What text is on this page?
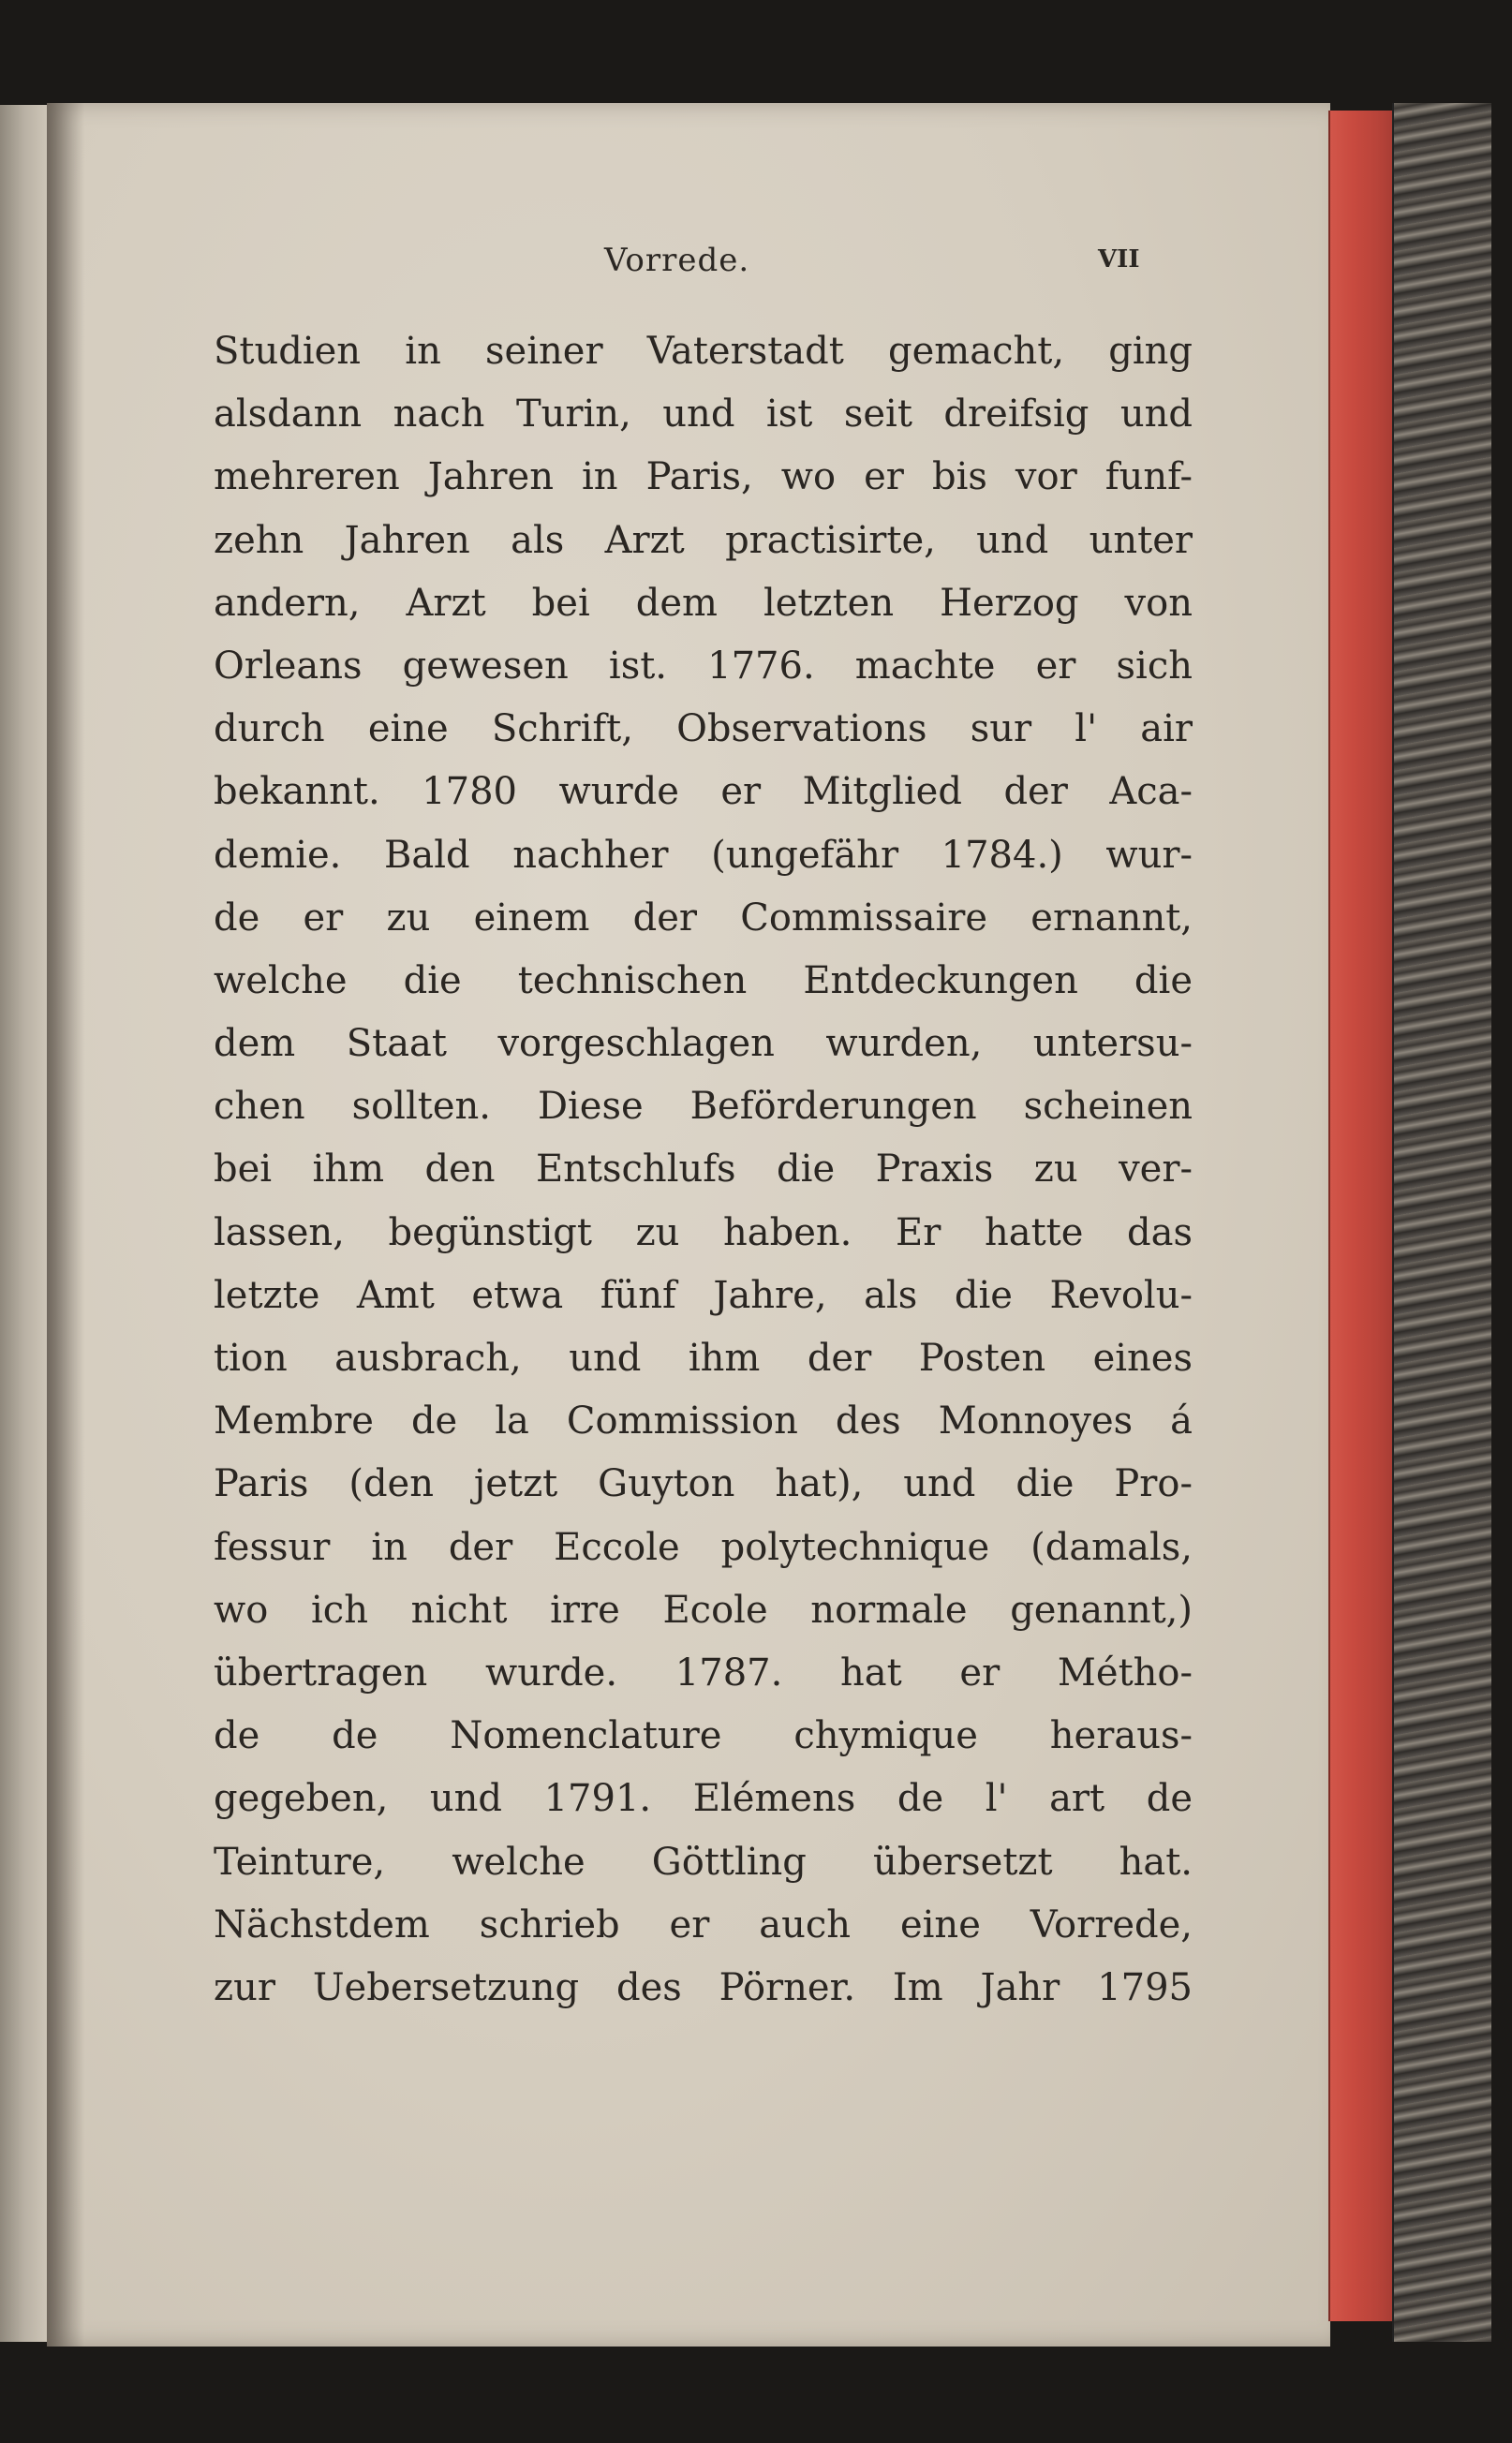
Vorrede.	VII
Studien in seiner Vaterstadt gemacht, ging
alsdann nach Turin, und ist seit dreifsig und
mehreren Jahren in Paris, wo er bis vor funf-
zehn Jahren als Arzt practisirte, und unter
andern, Arzt bei dem letzten Herzog von
Orleans gewesen ist. 1776. machte er sich
durch eine Schrift, Observations sur l' air
bekannt. 1780 wurde er Mitglied der Aca-
demie. Bald nachher (ungefähr 1784.) wur-
de er zu einem der Commissaire ernannt,
welche die technischen Entdeckungen die
dem Staat vorgeschlagen wurden, untersu-
chen sollten. Diese Beförderungen scheinen
bei ihm den Entschlufs die Praxis zu ver-
lassen, begünstigt zu haben. Er hatte das
letzte Amt etwa fünf Jahre, als die Revolu-
tion ausbrach, und ihm der Posten eines
Membre de la Commission des Monnoyes á
Paris (den jetzt Guyton hat), und die Pro-
fessur in der Eccole polytechnique (damals,
wo ich nicht irre Ecole normale genannt,)
übertragen wurde. 1787. hat er Métho-
de de Nomenclature chymique heraus-
gegeben, und 1791. Elémens de l' art de
Teinture, welche Göttling übersetzt hat.
Nächstdem schrieb er auch eine Vorrede,
zur Uebersetzung des Pörner. Im Jahr 1795
